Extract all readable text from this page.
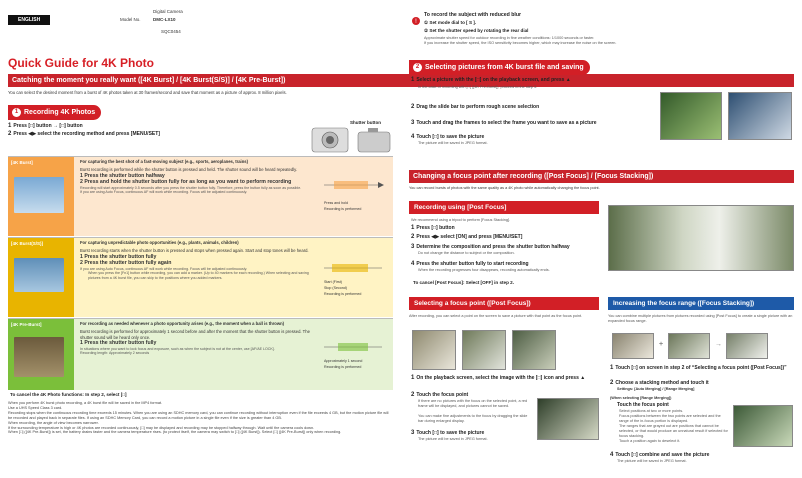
ENGLISH
Digital Camera
Model No.	DMC-LX10
SQC0454
Quick Guide for 4K Photo
Catching the moment you really want ([4K Burst] / [4K Burst(S/S)] / [4K Pre-Burst])
You can select the desired moment from a burst of 4K photos taken at 30 frames/second and save that moment as a picture of approx. 8 million pixels.
1 Recording 4K Photos
1 Press [□] button → [□] button
2 Press ◀▶ select the recording method and press [MENU/SET]
Shutter button
[4K Burst]	For capturing the best shot of a fast-moving subject (e.g., sports, aeroplanes, trains)
Burst recording is performed while the shutter button is pressed and held. The shutter sound will be heard repeatedly.
1 Press the shutter button halfway
2 Press and hold the shutter button fully for as long as you want to perform recording
Recording will start approximately 0.5 seconds after you press the shutter button fully. Therefore, press the button fully as soon as possible.
If you are using Auto Focus, continuous AF will work while recording. Focus will be adjusted continuously.
Press and hold
Recording is performed
[4K Burst(S/S)]	For capturing unpredictable photo opportunities (e.g., plants, animals, children)
Burst recording starts when the shutter button is pressed and stops when pressed again. Start and stop tones will be heard.
1 Press the shutter button fully
2 Press the shutter button fully again
If you are using Auto Focus, continuous AF will work while recording. Focus will be adjusted continuously.
When you press the [Fn1] button while recording, you can add a marker. (Up to 40 markers for each recording.) When selecting and saving pictures from a 4K burst file, you can skip to the positions where you added markers.
Start (First)
Stop (Second)
Recording is performed
[4K Pre-Burst]	For recording as needed whenever a photo opportunity arises (e.g., the moment when a ball is thrown)
Burst recording is performed for approximately 1 second before and after the moment that the shutter button is pressed. The shutter sound will be heard only once.
1 Press the shutter button fully
In situations where you want to lock focus and exposure, such as when the subject is not at the center, use [AF/AE LOCK].
Recording length: Approximately 2 seconds
Approximately 1 second
Recording is performed
To cancel the 4K Photo functions: In step 2, select [□]
When you perform 4K burst photo recording, a 4K burst file will be saved in the MP4 format.
Use a UHS Speed Class 3 card.
Recording stops when the continuous recording time exceeds 15 minutes. When you are using an SDHC memory card, you can continue recording without interruption even if the file exceeds 4 GB, but the motion picture file will be recorded and played back in separate files. If using an SDHC Memory Card, you can record a motion picture in a single file even if the size is greater than 4 GB.
When recording, the angle of view becomes narrower.
If the surrounding temperature is high or 4K photos are recorded continuously, [□] may be displayed and recording may be stopped halfway through. Wait until the camera cools down.
When [□] ([4K Pre-Burst]) is set, the battery drains faster and the camera temperature rises. (to protect itself, the camera may switch to [□] ([4K Burst]). Select [□] ([4K Pre-Burst]) only when recording.
!
To record the subject with reduced blur
① Set mode dial to [ S ].
② Set the shutter speed by rotating the rear dial
Approximate shutter speed for outdoor recording in fine weather conditions: 1/1000 seconds or faster.
If you increase the shutter speed, the ISO sensitivity becomes higher, which may increase the noise on the screen.
2 Selecting pictures from 4K burst file and saving
1 Select a picture with the [□] on the playback screen, and press ▲
In the case of recording with [□] ([4K Pre-Burst]), proceed to the step 3.
2 Drag the slide bar to perform rough scene selection
3 Touch and drag the frames to select the frame you want to save as a picture
4 Touch [□] to save the picture
The picture will be saved in JPEG format.
Changing a focus point after recording ([Post Focus] / [Focus Stacking])
You can record bursts of photos with the same quality as a 4K photo while automatically changing the focus point.
Recording using [Post Focus]
We recommend using a tripod to perform [Focus Stacking].
1 Press [□] button
2 Press ◀▶ select [ON] and press [MENU/SET]
3 Determine the composition and press the shutter button halfway
Do not change the distance to subject or the composition.
4 Press the shutter button fully to start recording
When the recording progresses four disappears, recording automatically ends.
To cancel [Post Focus]: Select [OFF] in step 2.
Selecting a focus point ([Post Focus])
After recording, you can select a point on the screen to save a picture with that point as the focus point.
1 On the playback screen, select the image with the [□] icon and press ▲
2 Touch the focus point
If there are no pictures with the focus on the selected point, a red frame will be displayed, and pictures cannot be saved.
You can make fine adjustments to the focus by dragging the slide bar during enlarged display.
3 Touch [□] to save the picture
The picture will be saved in JPEG format.
Increasing the focus range ([Focus Stacking])
You can combine multiple pictures from pictures recorded using [Post Focus] to create a single picture with an expanded focus range.
+	→
1 Touch [□] on screen in step 2 of “Selecting a focus point ([Post Focus])”
2 Choose a stacking method and touch it
Settings: [Auto Merging] / [Range Merging]
(When selecting [Range Merging])
Touch the focus point
Select positions at two or more points.
Focus positions between the two points are selected and the range of the in-focus portion is displayed.
The ranges that are grayed out are positions that cannot be selected, or that would produce an unnatural result if selected for focus stacking.
Touch a position again to deselect it.
4 Touch [□] combine and save the picture
The picture will be saved in JPEG format.
